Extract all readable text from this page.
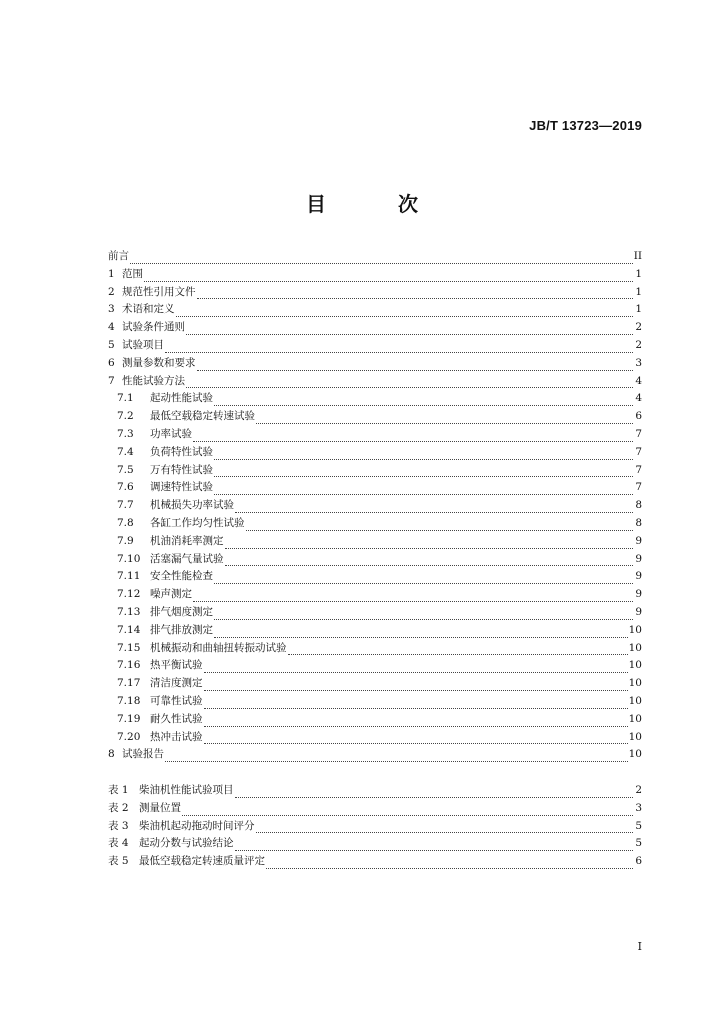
JB/T 13723—2019
目　次
前言	II
1 范围	1
2 规范性引用文件	1
3 术语和定义	1
4 试验条件通则	2
5 试验项目	2
6 测量参数和要求	3
7 性能试验方法	4
7.1	起动性能试验	4
7.2	最低空载稳定转速试验	6
7.3	功率试验	7
7.4	负荷特性试验	7
7.5	万有特性试验	7
7.6	调速特性试验	7
7.7	机械损失功率试验	8
7.8	各缸工作均匀性试验	8
7.9	机油消耗率测定	9
7.10 活塞漏气量试验	9
7.11 安全性能检查	9
7.12 噪声测定	9
7.13 排气烟度测定	9
7.14 排气排放测定	10
7.15 机械振动和曲轴扭转振动试验	10
7.16 热平衡试验	10
7.17 清洁度测定	10
7.18 可靠性试验	10
7.19 耐久性试验	10
7.20 热冲击试验	10
8 试验报告	10
表 1 柴油机性能试验项目	2
表 2 测量位置	3
表 3 柴油机起动拖动时间评分	5
表 4 起动分数与试验结论	5
表 5 最低空载稳定转速质量评定	6
I
